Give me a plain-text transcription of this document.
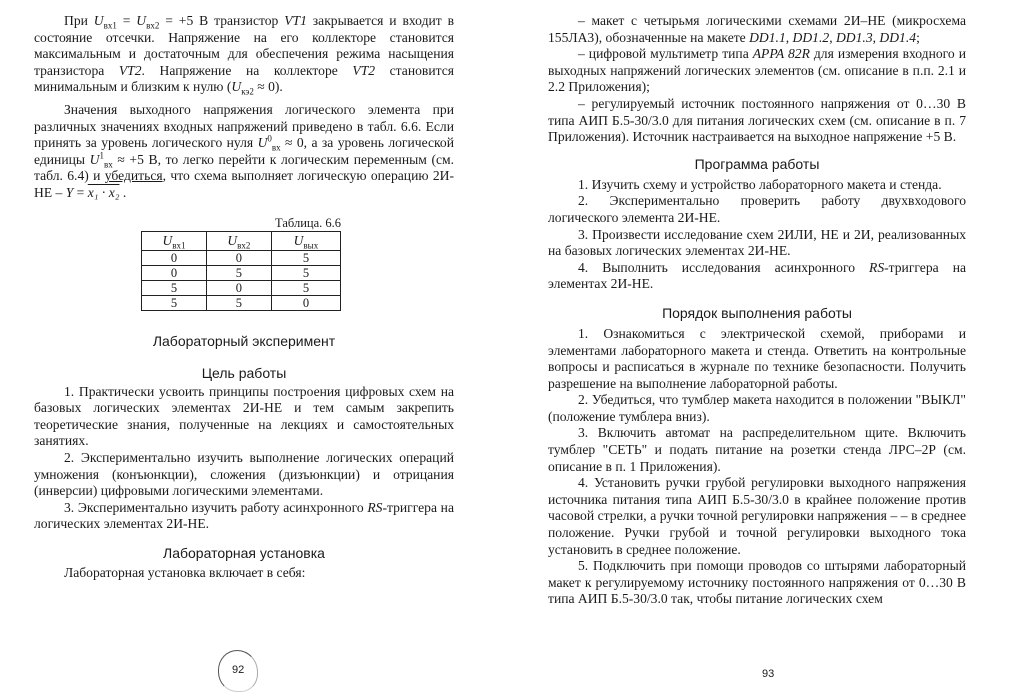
При $U_{вх1} = U_{вх2} = +5$ В транзистор VT1 закрывается и входит в состояние отсечки. Напряжение на его коллекторе становится максимальным и достаточным для обеспечения режима насыщения транзистора VT2. Напряжение на коллекторе VT2 становится минимальным и близким к нулю $(U_{кэ2} \approx 0)$.

Значения выходного напряжения логического элемента при различных значениях входных напряжений приведено в табл. 6.6. Если принять за уровень логического нуля $U^0_{вх} \approx 0$, а за уровень логической единицы $U^1_{вх} \approx +5$ В, то легко перейти к логическим переменным (см. табл. 6.4) и убедиться, что схема выполняет логическую операцию 2И-НЕ – Y = x₁ · x₂ .

Таблица. 6.6
$U_{вх1}$	$U_{вх2}$	$U_{вых}$
0	0	5
0	5	5
5	0	5
5	5	0
Лабораторный эксперимент
Цель работы

1. Практически усвоить принципы построения цифровых схем на базовых логических элементах 2И-НЕ и тем самым закрепить теоретические знания, полученные на лекциях и самостоятельных занятиях.

2. Экспериментально изучить выполнение логических операций умножения (конъюнкции), сложения (дизъюнкции) и отрицания (инверсии) цифровыми логическими элементами.

3. Экспериментально изучить работу асинхронного RS-триггера на логических элементах 2И-НЕ.

Лабораторная установка

Лабораторная установка включает в себя:

92

– макет с четырьмя логическими схемами 2И–НЕ (микросхема 155ЛА3), обозначенные на макете DD1.1, DD1.2, DD1.3, DD1.4;

– цифровой мультиметр типа APPA 82R для измерения входного и выходных напряжений логических элементов (см. описание в п.п. 2.1 и 2.2 Приложения);

– регулируемый источник постоянного напряжения от 0…30 В типа АИП Б.5-30/3.0 для питания логических схем (см. описание в п. 7 Приложения). Источник настраивается на выходное напряжение +5 В.

Программа работы

1. Изучить схему и устройство лабораторного макета и стенда.

2. Экспериментально проверить работу двухвходового логического элемента 2И-НЕ.

3. Произвести исследование схем 2ИЛИ, НЕ и 2И, реализованных на базовых логических элементах 2И-НЕ.

4. Выполнить исследования асинхронного RS-триггера на элементах 2И-НЕ.

Порядок выполнения работы

1. Ознакомиться с электрической схемой, приборами и элементами лабораторного макета и стенда. Ответить на контрольные вопросы и расписаться в журнале по технике безопасности. Получить разрешение на выполнение лабораторной работы.

2. Убедиться, что тумблер макета находится в положении "ВЫКЛ" (положение тумблера вниз).

3. Включить автомат на распределительном щите. Включить тумблер "СЕТЬ" и подать питание на розетки стенда ЛРС–2Р (см. описание в п. 1 Приложения).

4. Установить ручки грубой регулировки выходного напряжения источника питания типа АИП Б.5-30/3.0 в крайнее положение против часовой стрелки, а ручки точной регулировки напряжения – – в среднее положение. Ручки грубой и точной регулировки выходного тока установить в среднее положение.

5. Подключить при помощи проводов со штырями лабораторный макет к регулируемому источнику постоянного напряжения от 0…30 В типа АИП Б.5-30/3.0 так, чтобы питание логических схем

93
